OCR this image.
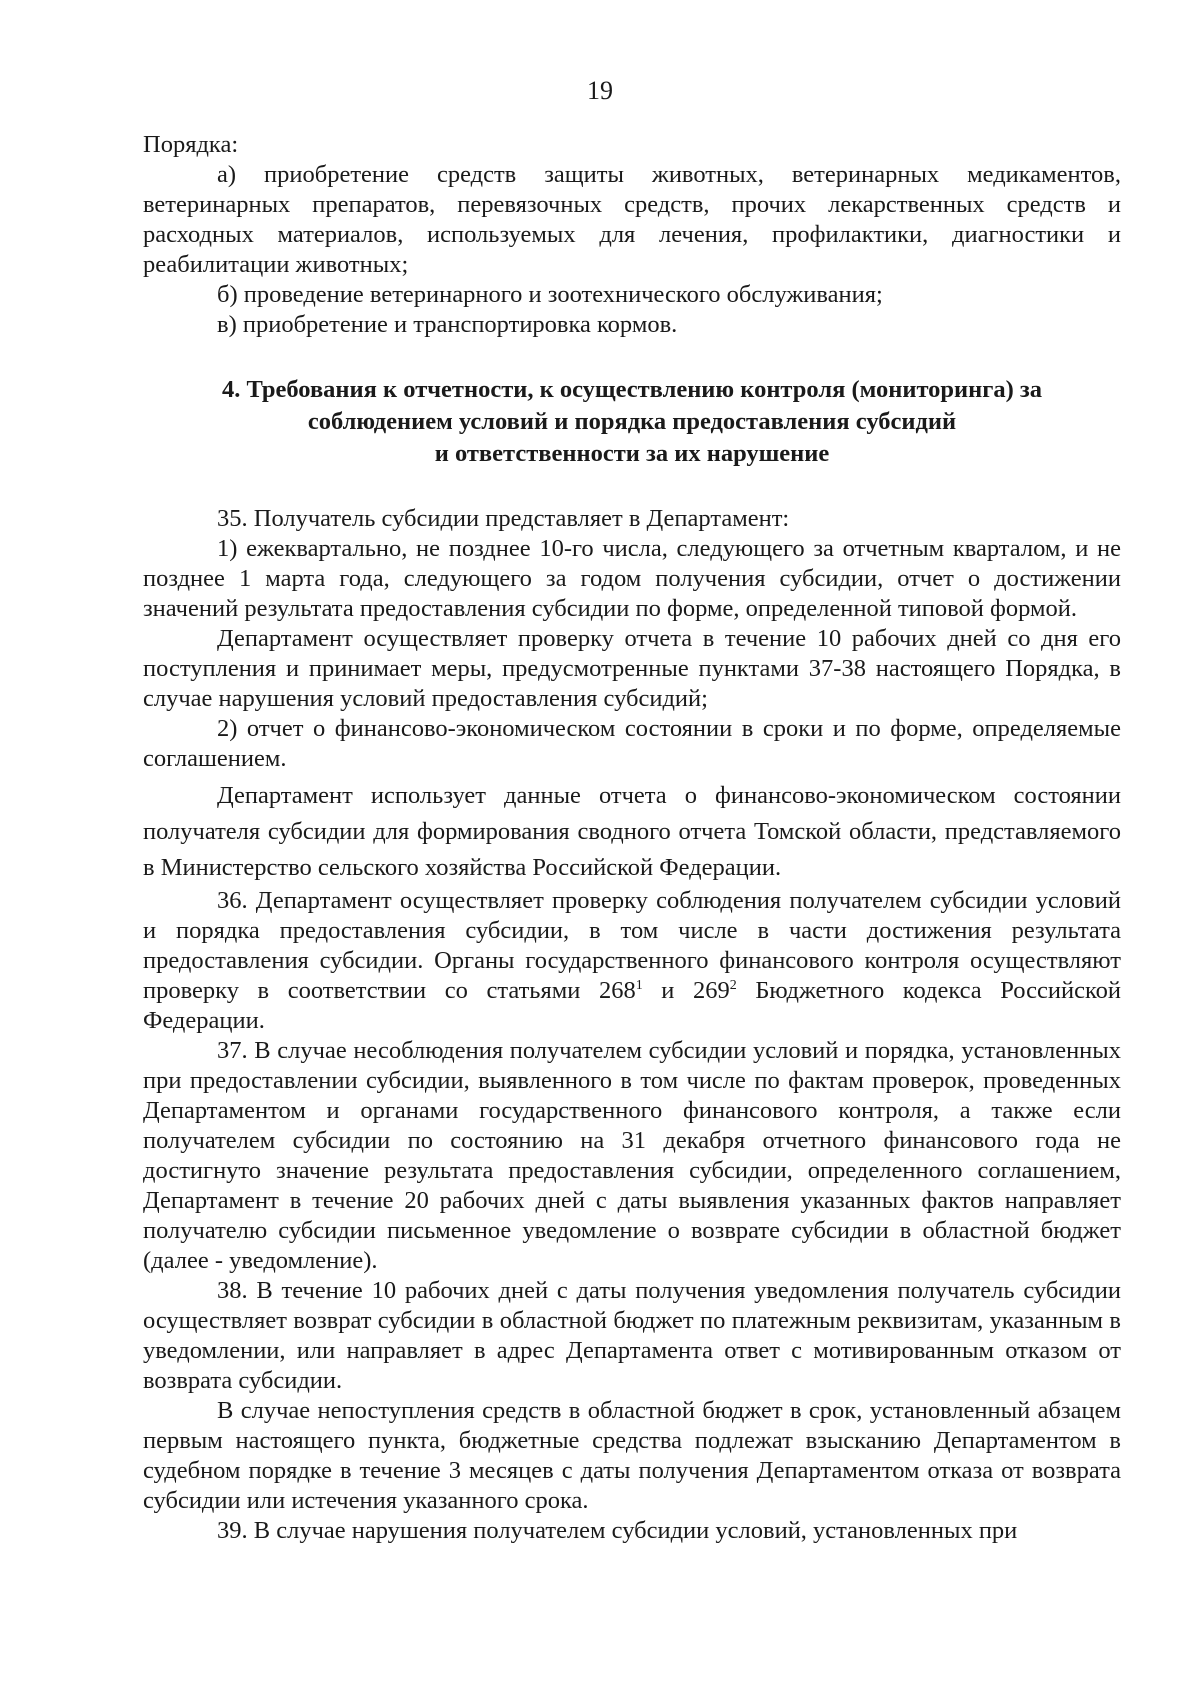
19

Порядка:

а) приобретение средств защиты животных, ветеринарных медикаментов, ветеринарных препаратов, перевязочных средств, прочих лекарственных средств и расходных материалов, используемых для лечения, профилактики, диагностики и реабилитации животных;

б) проведение ветеринарного и зоотехнического обслуживания;

в) приобретение и транспортировка кормов.

4. Требования к отчетности, к осуществлению контроля (мониторинга) за
соблюдением условий и порядка предоставления субсидий
и ответственности за их нарушение

35. Получатель субсидии представляет в Департамент:

1) ежеквартально, не позднее 10-го числа, следующего за отчетным кварталом, и не позднее 1 марта года, следующего за годом получения субсидии, отчет о достижении значений результата предоставления субсидии по форме, определенной типовой формой.

Департамент осуществляет проверку отчета в течение 10 рабочих дней со дня его поступления и принимает меры, предусмотренные пунктами 37-38 настоящего Порядка, в случае нарушения условий предоставления субсидий;

2) отчет о финансово-экономическом состоянии в сроки и по форме, определяемые соглашением.

Департамент использует данные отчета о финансово-экономическом состоянии получателя субсидии для формирования сводного отчета Томской области, представляемого в Министерство сельского хозяйства Российской Федерации.

36. Департамент осуществляет проверку соблюдения получателем субсидии условий и порядка предоставления субсидии, в том числе в части достижения результата предоставления субсидии. Органы государственного финансового контроля осуществляют проверку в соответствии со статьями $268^1$ и $269^2$ Бюджетного кодекса Российской Федерации.

37. В случае несоблюдения получателем субсидии условий и порядка, установленных при предоставлении субсидии, выявленного в том числе по фактам проверок, проведенных Департаментом и органами государственного финансового контроля, а также если получателем субсидии по состоянию на 31 декабря отчетного финансового года не достигнуто значение результата предоставления субсидии, определенного соглашением, Департамент в течение 20 рабочих дней с даты выявления указанных фактов направляет получателю субсидии письменное уведомление о возврате субсидии в областной бюджет (далее - уведомление).

38. В течение 10 рабочих дней с даты получения уведомления получатель субсидии осуществляет возврат субсидии в областной бюджет по платежным реквизитам, указанным в уведомлении, или направляет в адрес Департамента ответ с мотивированным отказом от возврата субсидии.

В случае непоступления средств в областной бюджет в срок, установленный абзацем первым настоящего пункта, бюджетные средства подлежат взысканию Департаментом в судебном порядке в течение 3 месяцев с даты получения Департаментом отказа от возврата субсидии или истечения указанного срока.

39. В случае нарушения получателем субсидии условий, установленных при
